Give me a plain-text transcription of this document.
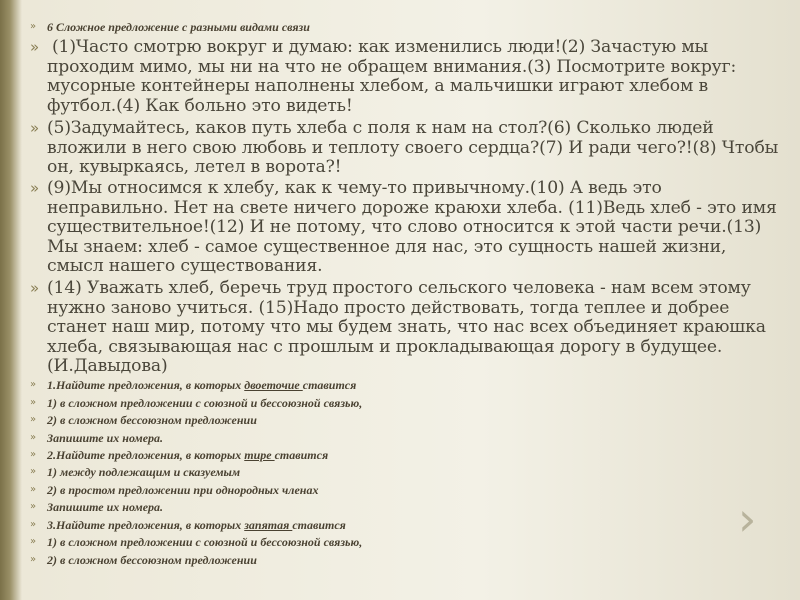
» 6 Сложное предложение с разными видами связи
» (1)Часто смотрю вокруг и думаю: как изменились люди!(2) Зачастую мы проходим мимо, мы ни на что не обращем внимания.(3) Посмотрите вокруг: мусорные контейнеры наполнены хлебом, а мальчишки играют хлебом в футбол.(4) Как больно это видеть!
» (5)Задумайтесь, каков путь хлеба с поля к нам на стол?(6) Сколько людей вложили в него свою любовь и теплоту своего сердца?(7) И ради чего?!(8) Чтобы он, кувыркаясь, летел в ворота?!
» (9)Мы относимся к хлебу, как к чему-то привычному.(10) А ведь это неправильно. Нет на свете ничего дороже краюхи хлеба. (11)Ведь хлеб - это имя существительное!(12) И не потому, что слово относится к этой части речи.(13) Мы знаем: хлеб - самое существенное для нас, это сущность нашей жизни, смысл нашего существования.
» (14) Уважать хлеб, беречь труд простого сельского человека - нам всем этому нужно заново учиться. (15)Надо просто действовать, тогда теплее и добрее станет наш мир, потому что мы будем знать, что нас всех объединяет краюшка хлеба, связывающая нас с прошлым и прокладывающая дорогу в будущее. (И.Давыдова)
» 1.Найдите предложения, в которых двоеточие ставится
» 1) в сложном предложении с союзной и бессоюзной связью,
» 2) в сложном бессоюзном предложении
» Запишите их номера.
» 2.Найдите предложения, в которых тире ставится
» 1) между подлежащим и сказуемым
» 2) в простом предложении при однородных членах
» Запишите их номера.
» 3.Найдите предложения, в которых запятая ставится
» 1) в сложном предложении с союзной и бессоюзной связью,
» 2) в сложном бессоюзном предложении
›
